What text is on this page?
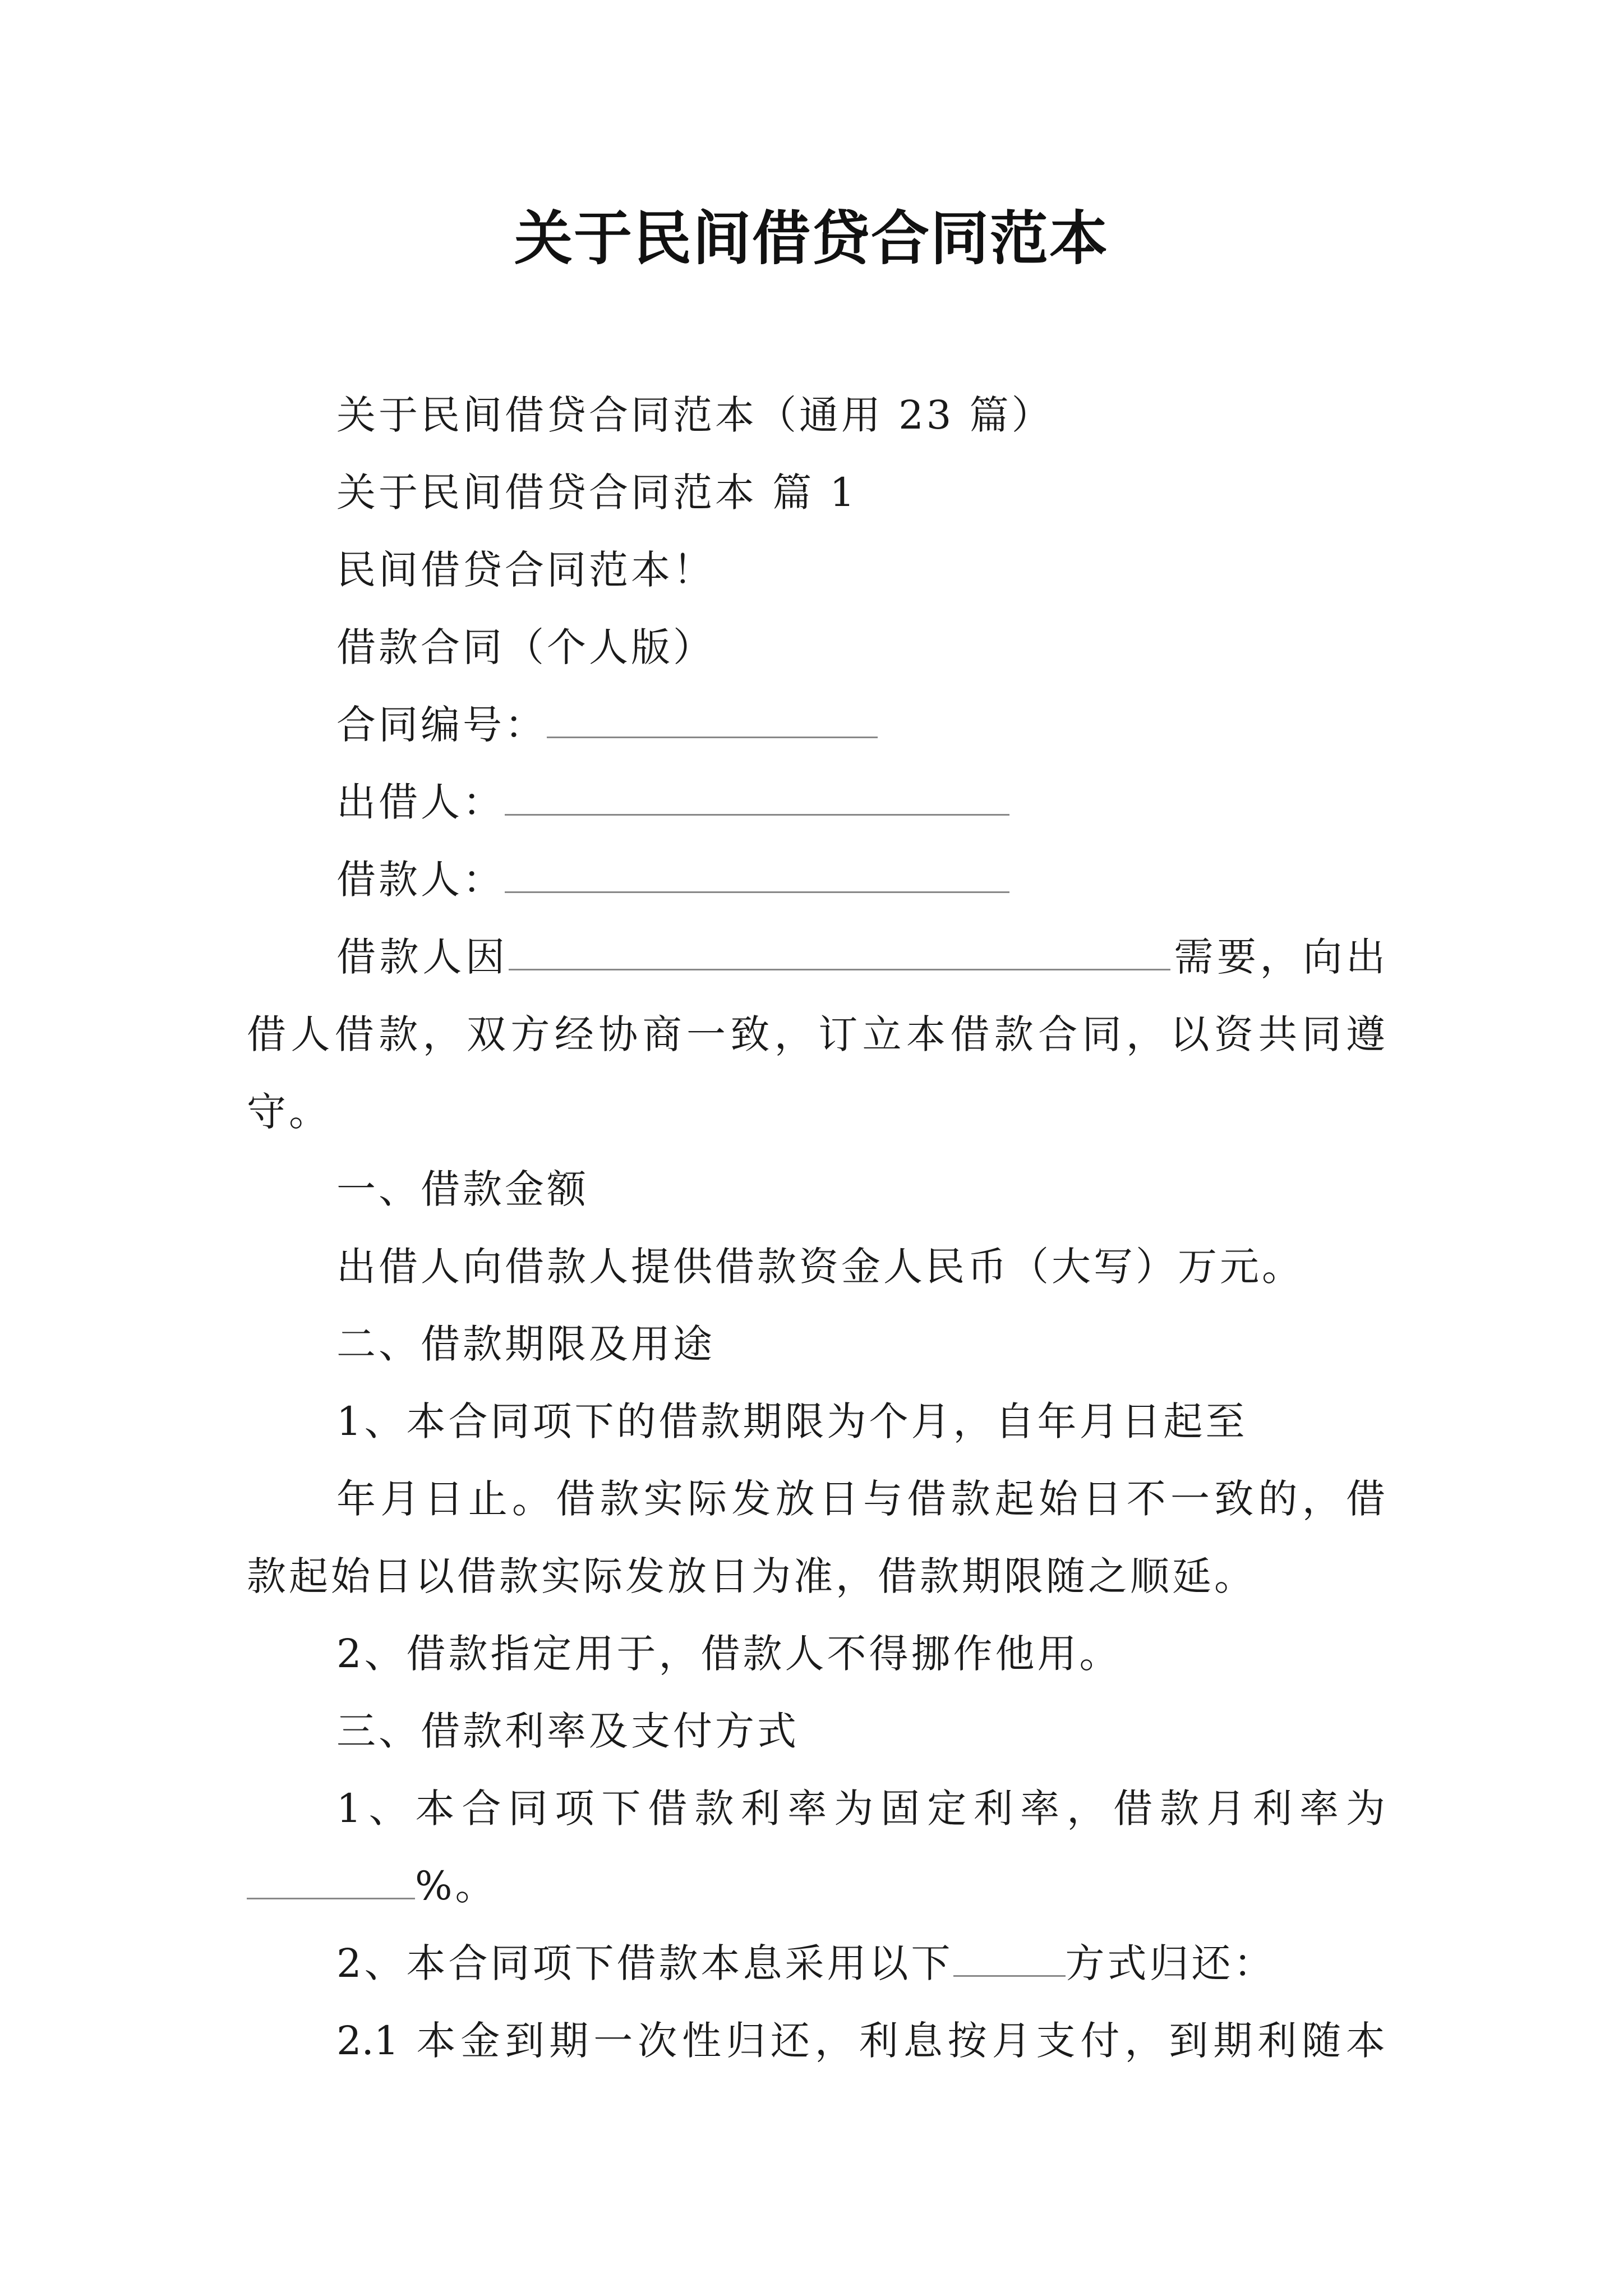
关于民间借贷合同范本
关于民间借贷合同范本（通用 23 篇）
关于民间借贷合同范本 篇 1
民间借贷合同范本！
借款合同（个人版）
合同编号：
出借人：
借款人：
借款人因	需要，向出
借人借款，双方经协商一致，订立本借款合同，以资共同遵
守。
一、借款金额
出借人向借款人提供借款资金人民币（大写）万元。
二、借款期限及用途
1、本合同项下的借款期限为个月，自年月日起至
年月日止。借款实际发放日与借款起始日不一致的，借
款起始日以借款实际发放日为准，借款期限随之顺延。
2、借款指定用于，借款人不得挪作他用。
三、借款利率及支付方式
1、本合同项下借款利率为固定利率，借款月利率为
%。
2、本合同项下借款本息采用以下	方式归还：
2.1 本金到期一次性归还，利息按月支付，到期利随本
